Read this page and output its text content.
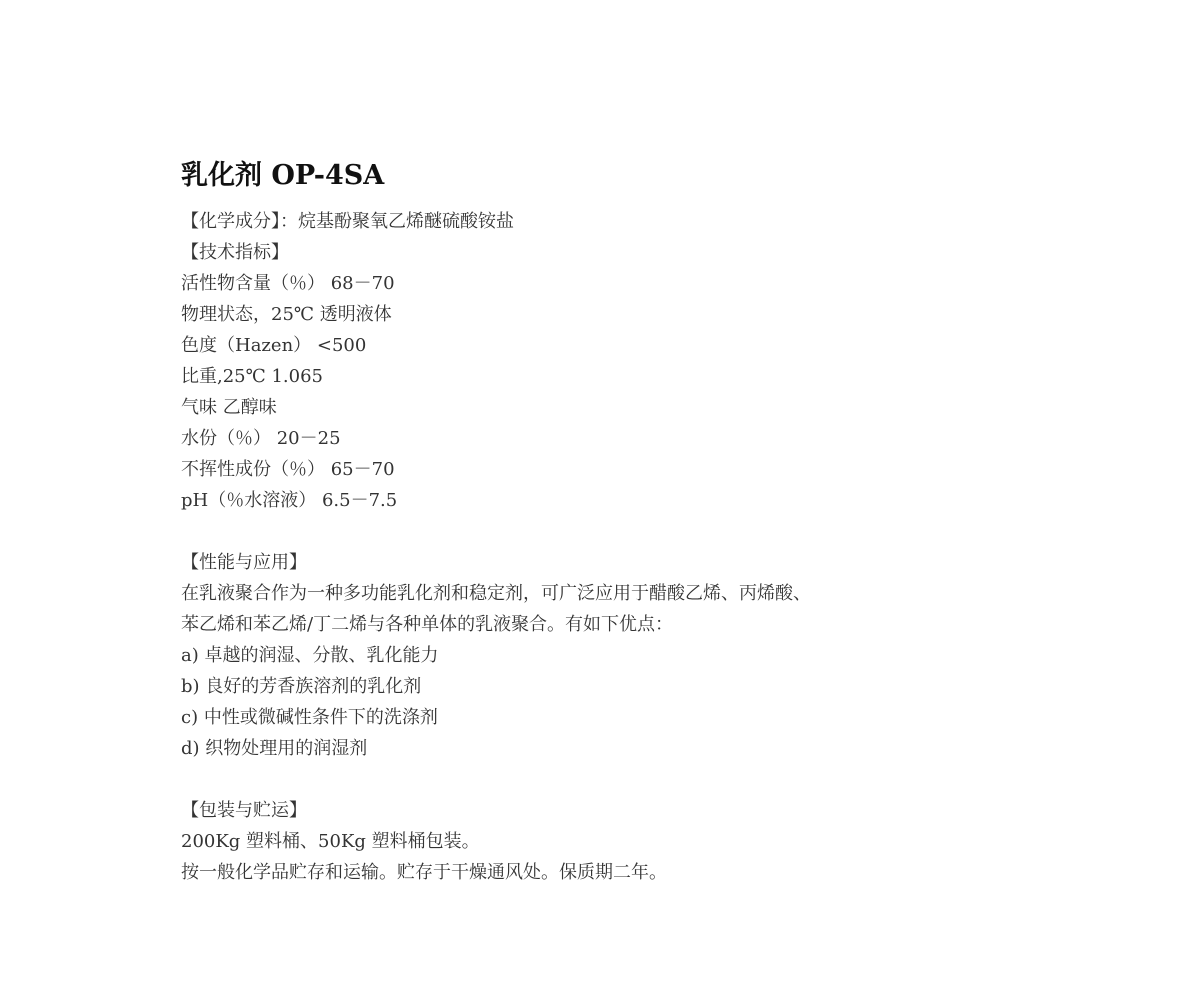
乳化剂 OP-4SA

【化学成分】：烷基酚聚氧乙烯醚硫酸铵盐

【技术指标】

活性物含量（％） 68－70

物理状态，25℃ 透明液体

色度（Hazen） <500

比重,25℃ 1.065

气味 乙醇味

水份（％） 20－25

不挥性成份（％） 65－70

pH（％水溶液） 6.5－7.5

【性能与应用】

在乳液聚合作为一种多功能乳化剂和稳定剂，可广泛应用于醋酸乙烯、丙烯酸、

苯乙烯和苯乙烯/丁二烯与各种单体的乳液聚合。有如下优点：

a) 卓越的润湿、分散、乳化能力

b) 良好的芳香族溶剂的乳化剂

c) 中性或微碱性条件下的洗涤剂

d) 织物处理用的润湿剂

【包装与贮运】

200Kg 塑料桶、50Kg 塑料桶包装。

按一般化学品贮存和运输。贮存于干燥通风处。保质期二年。
